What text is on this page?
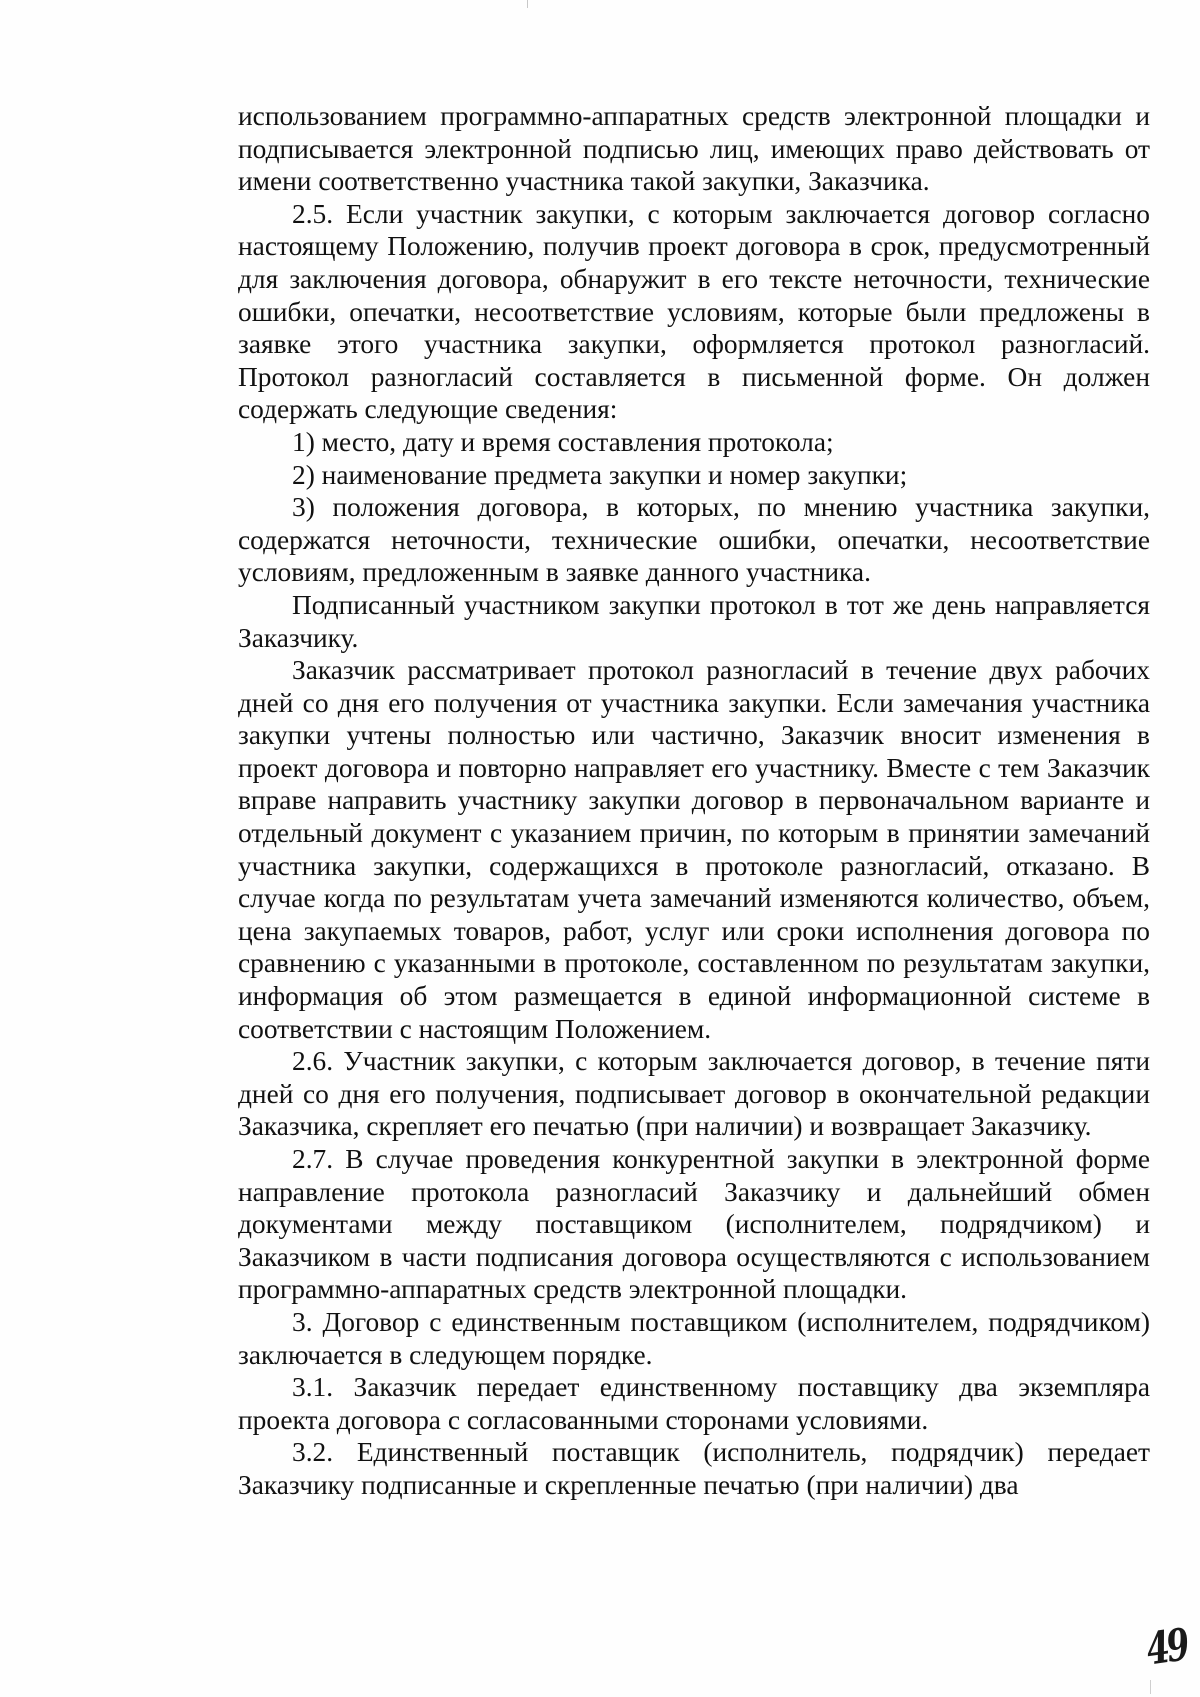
использованием программно-аппаратных средств электронной площадки и подписывается электронной подписью лиц, имеющих право действовать от имени соответственно участника такой закупки, Заказчика.

2.5. Если участник закупки, с которым заключается договор согласно настоящему Положению, получив проект договора в срок, предусмотренный для заключения договора, обнаружит в его тексте неточности, технические ошибки, опечатки, несоответствие условиям, которые были предложены в заявке этого участника закупки, оформляется протокол разногласий. Протокол разногласий составляется в письменной форме. Он должен содержать следующие сведения:

1) место, дату и время составления протокола;

2) наименование предмета закупки и номер закупки;

3) положения договора, в которых, по мнению участника закупки, содержатся неточности, технические ошибки, опечатки, несоответствие условиям, предложенным в заявке данного участника.

Подписанный участником закупки протокол в тот же день направляется Заказчику.

Заказчик рассматривает протокол разногласий в течение двух рабочих дней со дня его получения от участника закупки. Если замечания участника закупки учтены полностью или частично, Заказчик вносит изменения в проект договора и повторно направляет его участнику. Вместе с тем Заказчик вправе направить участнику закупки договор в первоначальном варианте и отдельный документ с указанием причин, по которым в принятии замечаний участника закупки, содержащихся в протоколе разногласий, отказано. В случае когда по результатам учета замечаний изменяются количество, объем, цена закупаемых товаров, работ, услуг или сроки исполнения договора по сравнению с указанными в протоколе, составленном по результатам закупки, информация об этом размещается в единой информационной системе в соответствии с настоящим Положением.

2.6. Участник закупки, с которым заключается договор, в течение пяти дней со дня его получения, подписывает договор в окончательной редакции Заказчика, скрепляет его печатью (при наличии) и возвращает Заказчику.

2.7. В случае проведения конкурентной закупки в электронной форме направление протокола разногласий Заказчику и дальнейший обмен документами между поставщиком (исполнителем, подрядчиком) и Заказчиком в части подписания договора осуществляются с использованием программно-аппаратных средств электронной площадки.

3. Договор с единственным поставщиком (исполнителем, подрядчиком) заключается в следующем порядке.

3.1. Заказчик передает единственному поставщику два экземпляра проекта договора с согласованными сторонами условиями.

3.2. Единственный поставщик (исполнитель, подрядчик) передает Заказчику подписанные и скрепленные печатью (при наличии) два

49
